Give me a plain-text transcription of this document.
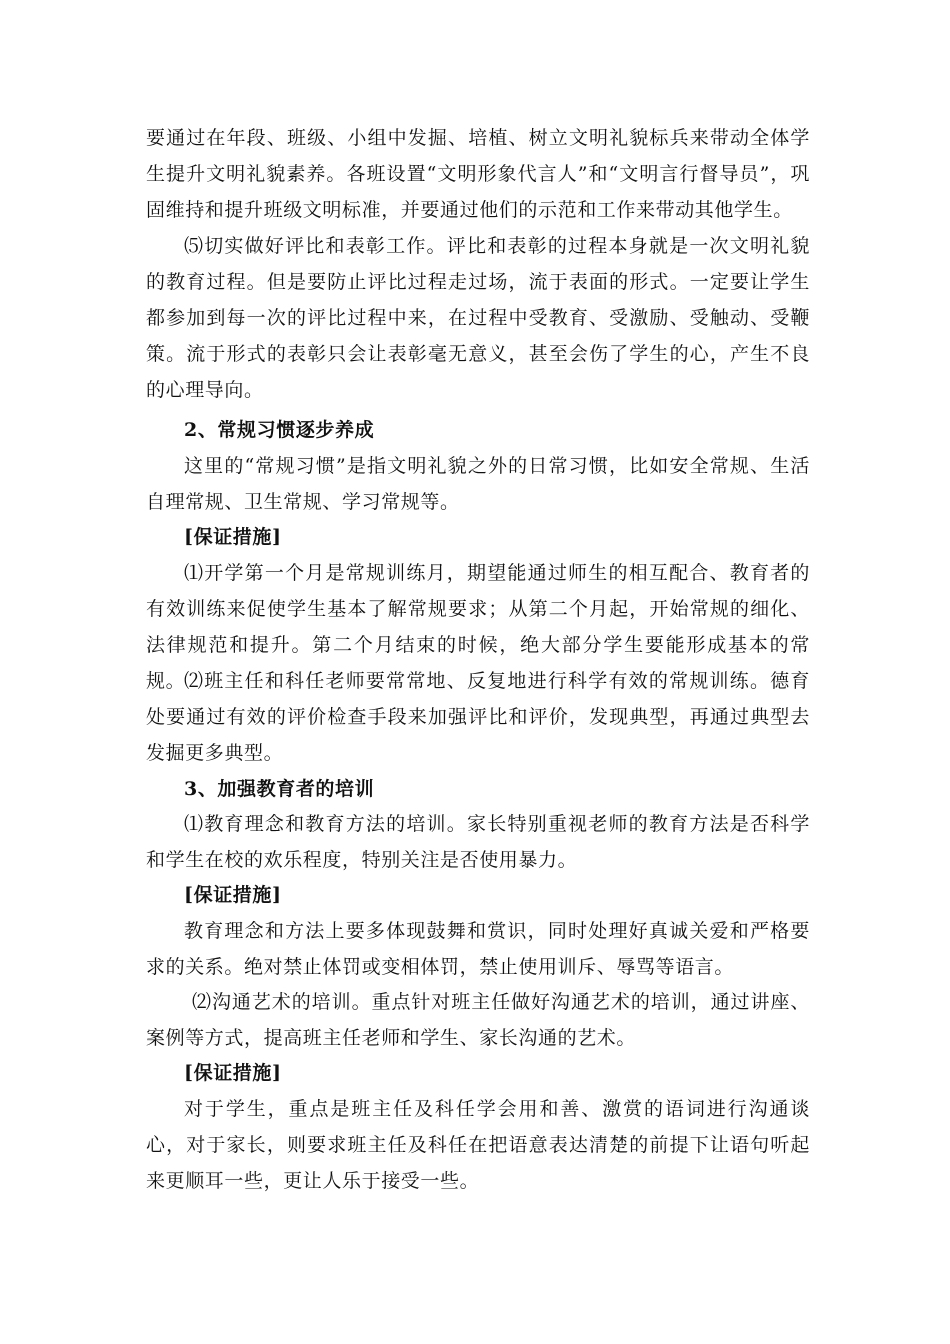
要通过在年段、班级、小组中发掘、培植、树立文明礼貌标兵来带动全体学生提升文明礼貌素养。各班设置“文明形象代言人”和“文明言行督导员”，巩固维持和提升班级文明标准，并要通过他们的示范和工作来带动其他学生。
⑸切实做好评比和表彰工作。评比和表彰的过程本身就是一次文明礼貌的教育过程。但是要防止评比过程走过场，流于表面的形式。一定要让学生都参加到每一次的评比过程中来，在过程中受教育、受激励、受触动、受鞭策。流于形式的表彰只会让表彰毫无意义，甚至会伤了学生的心，产生不良的心理导向。
2、常规习惯逐步养成
这里的“常规习惯”是指文明礼貌之外的日常习惯，比如安全常规、生活自理常规、卫生常规、学习常规等。
[保证措施]
⑴开学第一个月是常规训练月，期望能通过师生的相互配合、教育者的有效训练来促使学生基本了解常规要求；从第二个月起，开始常规的细化、法律规范和提升。第二个月结束的时候，绝大部分学生要能形成基本的常规。
⑵班主任和科任老师要常常地、反复地进行科学有效的常规训练。德育处要通过有效的评价检查手段来加强评比和评价，发现典型，再通过典型去发掘更多典型。
3、加强教育者的培训
⑴教育理念和教育方法的培训。家长特别重视老师的教育方法是否科学和学生在校的欢乐程度，特别关注是否使用暴力。
[保证措施]
教育理念和方法上要多体现鼓舞和赏识，同时处理好真诚关爱和严格要求的关系。绝对禁止体罚或变相体罚，禁止使用训斥、辱骂等语言。
⑵沟通艺术的培训。重点针对班主任做好沟通艺术的培训，通过讲座、案例等方式，提高班主任老师和学生、家长沟通的艺术。
[保证措施]
对于学生，重点是班主任及科任学会用和善、激赏的语词进行沟通谈心，对于家长，则要求班主任及科任在把语意表达清楚的前提下让语句听起来更顺耳一些，更让人乐于接受一些。
